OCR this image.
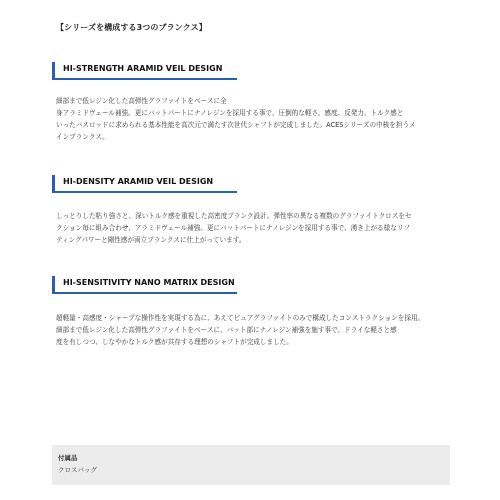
【シリーズを構成する3つのブランクス】
HI-STRENGTH ARAMID VEIL DESIGN
細部まで低レジン化した高弾性グラファイトをベースに全
身アラミドヴェール補強。更にバットパートにナノレジンを採用する事で、圧倒的な軽さ、感度、反発力、トルク感と
いったバスロッドに求められる基本性能を高次元で満たす次世代シャフトが完成しました。ACESシリーズの中核を担うメ
インブランクス。
HI-DENSITY ARAMID VEIL DESIGN
しっとりした粘り強さと、深いトルク感を重視した高密度ブランク設計。弾性率の異なる複数のグラファイトクロスをセ
クション毎に組み合わせ、アラミドヴェール補強。更にバットパートにナノレジンを採用する事で、湧き上がる様なリフ
ティングパワーと剛性感が両立ブランクスに仕上がっています。
HI-SENSITIVITY NANO MATRIX DESIGN
超軽量・高感度・シャープな操作性を実現する為に、あえてピュアグラファイトのみで構成したコンストラクションを採用。
細部まで低レジン化した高弾性グラファイトをベースに、バット部にナノレジン補強を施す事で、ドライな軽さと感
度を有しつつ、しなやかなトルク感が共存する理想のシャフトが完成しました。
付属品
クロスバッグ
